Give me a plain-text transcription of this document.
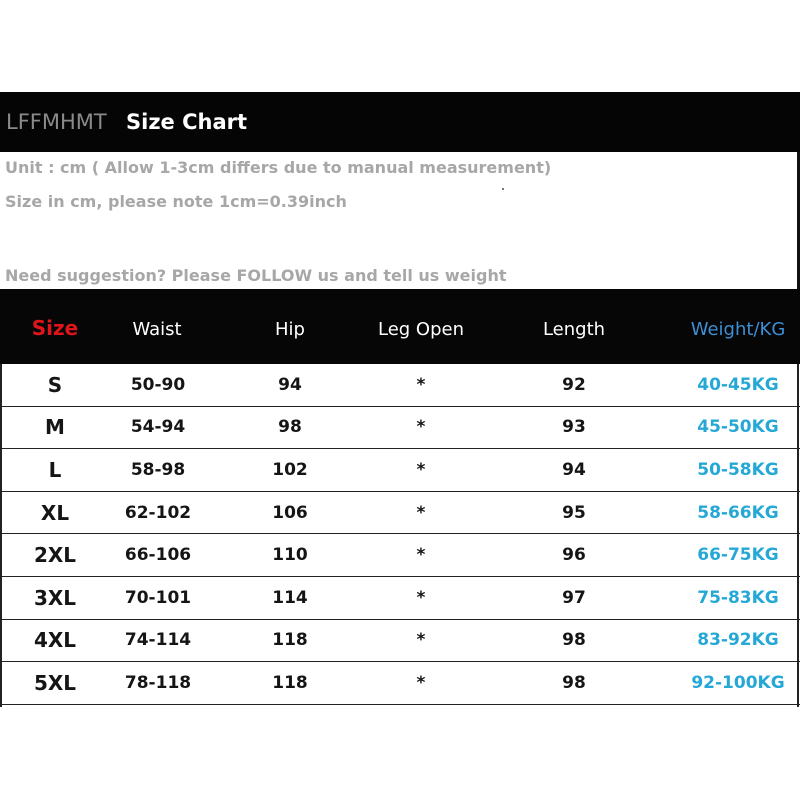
LFFMHMT Size Chart
Unit : cm ( Allow 1-3cm differs due to manual measurement)
Size in cm, please note 1cm=0.39inch
Need suggestion? Please FOLLOW us and tell us weight
Size	Waist	Hip	Leg Open	Length	Weight/KG
S	50-90	94	*	92	40-45KG
M	54-94	98	*	93	45-50KG
L	58-98	102	*	94	50-58KG
XL	62-102	106	*	95	58-66KG
2XL	66-106	110	*	96	66-75KG
3XL	70-101	114	*	97	75-83KG
4XL	74-114	118	*	98	83-92KG
5XL	78-118	118	*	98	92-100KG
